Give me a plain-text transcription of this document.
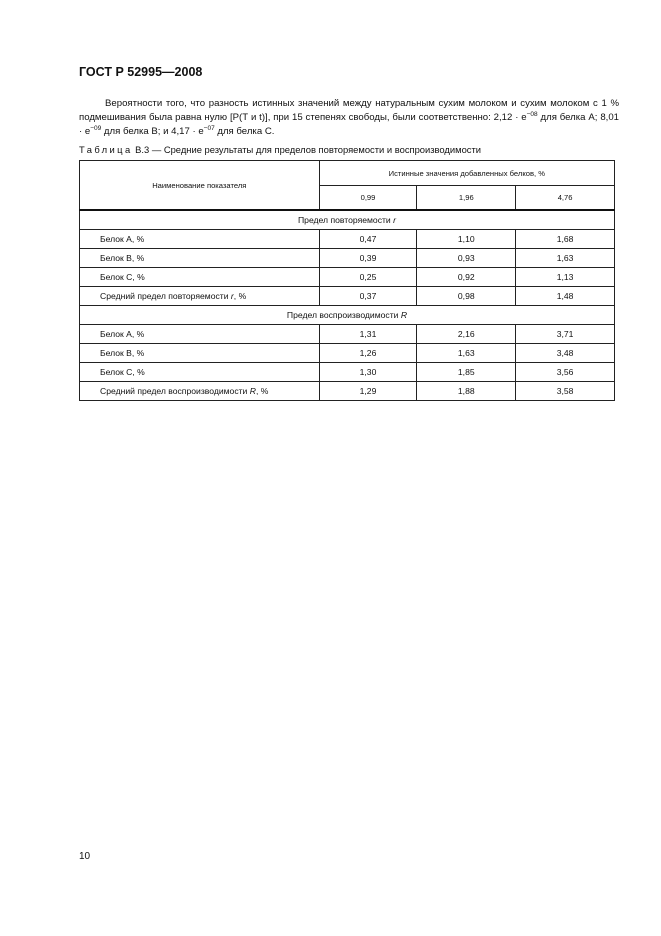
ГОСТ Р 52995—2008

Вероятности того, что разность истинных значений между натуральным сухим молоком и сухим молоком с 1 % подмешивания была равна нулю [Р(Т и t)], при 15 степенях свободы, были соответственно: $2,12 \cdot e^{-08}$ для белка А; $8,01 \cdot e^{-09}$ для белка В; и $4,17 \cdot e^{-07}$ для белка С.

Таблица В.3 — Средние результаты для пределов повторяемости и воспроизводимости
Наименование показателя	Истинные значения добавленных белков, %		
	0,99	1,96	4,76
Предел повторяемости r			
Белок А, %	0,47	1,10	1,68
Белок В, %	0,39	0,93	1,63
Белок С, %	0,25	0,92	1,13
Средний предел повторяемости r, %	0,37	0,98	1,48
Предел воспроизводимости R			
Белок А, %	1,31	2,16	3,71
Белок В, %	1,26	1,63	3,48
Белок С, %	1,30	1,85	3,56
Средний предел воспроизводимости R, %	1,29	1,88	3,58
10
